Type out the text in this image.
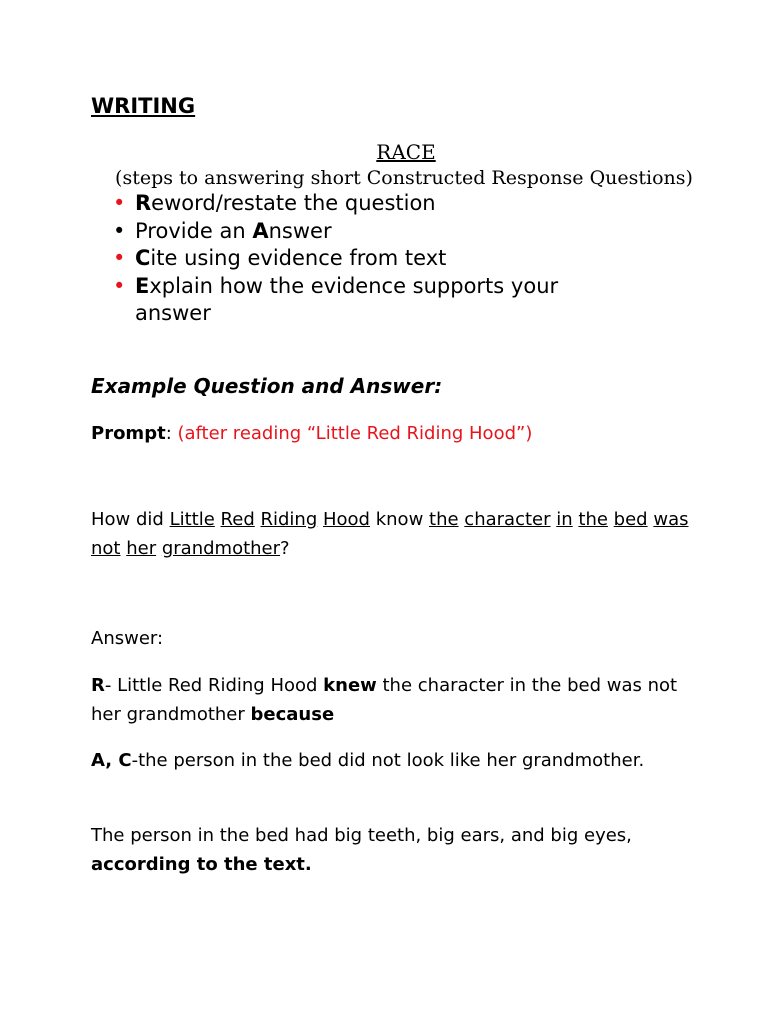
WRITING
RACE
(steps to answering short Constructed Response Questions)
• Reword/restate the question
• Provide an Answer
• Cite using evidence from text
• Explain how the evidence supports your answer
Example Question and Answer:
Prompt: (after reading “Little Red Riding Hood”)
How did Little Red Riding Hood know the character in the bed was not her grandmother?
Answer:
R- Little Red Riding Hood knew the character in the bed was not her grandmother because
A, C-the person in the bed did not look like her grandmother.
The person in the bed had big teeth, big ears, and big eyes, according to the text.
